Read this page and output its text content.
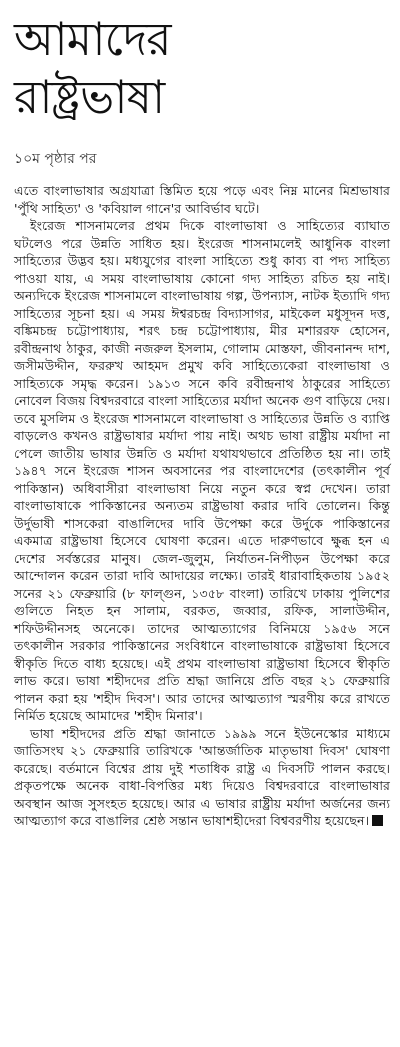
আমাদের
রাষ্ট্রভাষা

১০ম পৃষ্ঠার পর

এতে বাংলাভাষার অগ্রযাত্রা স্তিমিত হয়ে পড়ে এবং নিম্ন মানের মিশ্রভাষার 'পুঁথি সাহিত্য' ও 'কবিয়াল গানে'র আবির্ভাব ঘটে।

ইংরেজ শাসনামলের প্রথম দিকে বাংলাভাষা ও সাহিত্যের ব্যাঘাত ঘটলেও পরে উন্নতি সাধিত হয়। ইংরেজ শাসনামলেই আধুনিক বাংলা সাহিত্যের উদ্ভব হয়। মধ্যযুগের বাংলা সাহিত্যে শুধু কাব্য বা পদ্য সাহিত্য পাওয়া যায়, এ সময় বাংলাভাষায় কোনো গদ্য সাহিত্য রচিত হয় নাই। অন্যদিকে ইংরেজ শাসনামলে বাংলাভাষায় গল্প, উপন্যাস, নাটক ইত্যাদি গদ্য সাহিত্যের সূচনা হয়। এ সময় ঈশ্বরচন্দ্র বিদ্যাসাগর, মাইকেল মধুসূদন দত্ত, বঙ্কিমচন্দ্র চট্টোপাধ্যায়, শরৎ চন্দ্র চট্টোপাধ্যায়, মীর মশাররফ হোসেন, রবীন্দ্রনাথ ঠাকুর, কাজী নজরুল ইসলাম, গোলাম মোস্তফা, জীবনানন্দ দাশ, জসীমউদ্দীন, ফররুখ আহমদ প্রমুখ কবি সাহিত্যেকেরা বাংলাভাষা ও সাহিত্যকে সমৃদ্ধ করেন। ১৯১৩ সনে কবি রবীন্দ্রনাথ ঠাকুরের সাহিত্যে নোবেল বিজয় বিশ্বদরবারে বাংলা সাহিত্যের মর্যাদা অনেক গুণ বাড়িয়ে দেয়। তবে মুসলিম ও ইংরেজ শাসনামলে বাংলাভাষা ও সাহিত্যের উন্নতি ও ব্যাপ্তি বাড়লেও কখনও রাষ্ট্রভাষার মর্যাদা পায় নাই। অথচ ভাষা রাষ্ট্রীয় মর্যাদা না পেলে জাতীয় ভাষার উন্নতি ও মর্যাদা যথাযথভাবে প্রতিষ্ঠিত হয় না। তাই ১৯৪৭ সনে ইংরেজ শাসন অবসানের পর বাংলাদেশের (তৎকালীন পূর্ব পাকিস্তান) অধিবাসীরা বাংলাভাষা নিয়ে নতুন করে স্বপ্ন দেখেন। তারা বাংলাভাষাকে পাকিস্তানের অন্যতম রাষ্ট্রভাষা করার দাবি তোলেন। কিন্তু উর্দুভাষী শাসকেরা বাঙালিদের দাবি উপেক্ষা করে উর্দুকে পাকিস্তানের একমাত্র রাষ্ট্রভাষা হিসেবে ঘোষণা করেন। এতে দারুণভাবে ক্ষুব্ধ হন এ দেশের সর্বস্তরের মানুষ। জেল-জুলুম, নির্যাতন-নিপীড়ন উপেক্ষা করে আন্দোলন করেন তারা দাবি আদায়ের লক্ষ্যে। তারই ধারাবাহিকতায় ১৯৫২ সনের ২১ ফেব্রুয়ারি (৮ ফাল্গুন, ১৩৫৮ বাংলা) তারিখে ঢাকায় পুলিশের গুলিতে নিহত হন সালাম, বরকত, জব্বার, রফিক, সালাউদ্দীন, শফিউদ্দীনসহ অনেকে। তাদের আত্মত্যাগের বিনিময়ে ১৯৫৬ সনে তৎকালীন সরকার পাকিস্তানের সংবিধানে বাংলাভাষাকে রাষ্ট্রভাষা হিসেবে স্বীকৃতি দিতে বাধ্য হয়েছে। এই প্রথম বাংলাভাষা রাষ্ট্রভাষা হিসেবে স্বীকৃতি লাভ করে। ভাষা শহীদদের প্রতি শ্রদ্ধা জানিয়ে প্রতি বছর ২১ ফেব্রুয়ারি পালন করা হয় 'শহীদ দিবস'। আর তাদের আত্মত্যাগ স্মরণীয় করে রাখতে নির্মিত হয়েছে আমাদের 'শহীদ মিনার'।

ভাষা শহীদদের প্রতি শ্রদ্ধা জানাতে ১৯৯৯ সনে ইউনেস্কোর মাধ্যমে জাতিসংঘ ২১ ফেব্রুয়ারি তারিখকে 'আন্তর্জাতিক মাতৃভাষা দিবস' ঘোষণা করেছে। বর্তমানে বিশ্বের প্রায় দুই শতাধিক রাষ্ট্র এ দিবসটি পালন করছে। প্রকৃতপক্ষে অনেক বাধা-বিপত্তির মধ্য দিয়েও বিশ্বদরবারে বাংলাভাষার অবস্থান আজ সুসংহত হয়েছে। আর এ ভাষার রাষ্ট্রীয় মর্যাদা অর্জনের জন্য আত্মত্যাগ করে বাঙালির শ্রেষ্ঠ সন্তান ভাষাশহীদেরা বিশ্ববরণীয় হয়েছেন।
